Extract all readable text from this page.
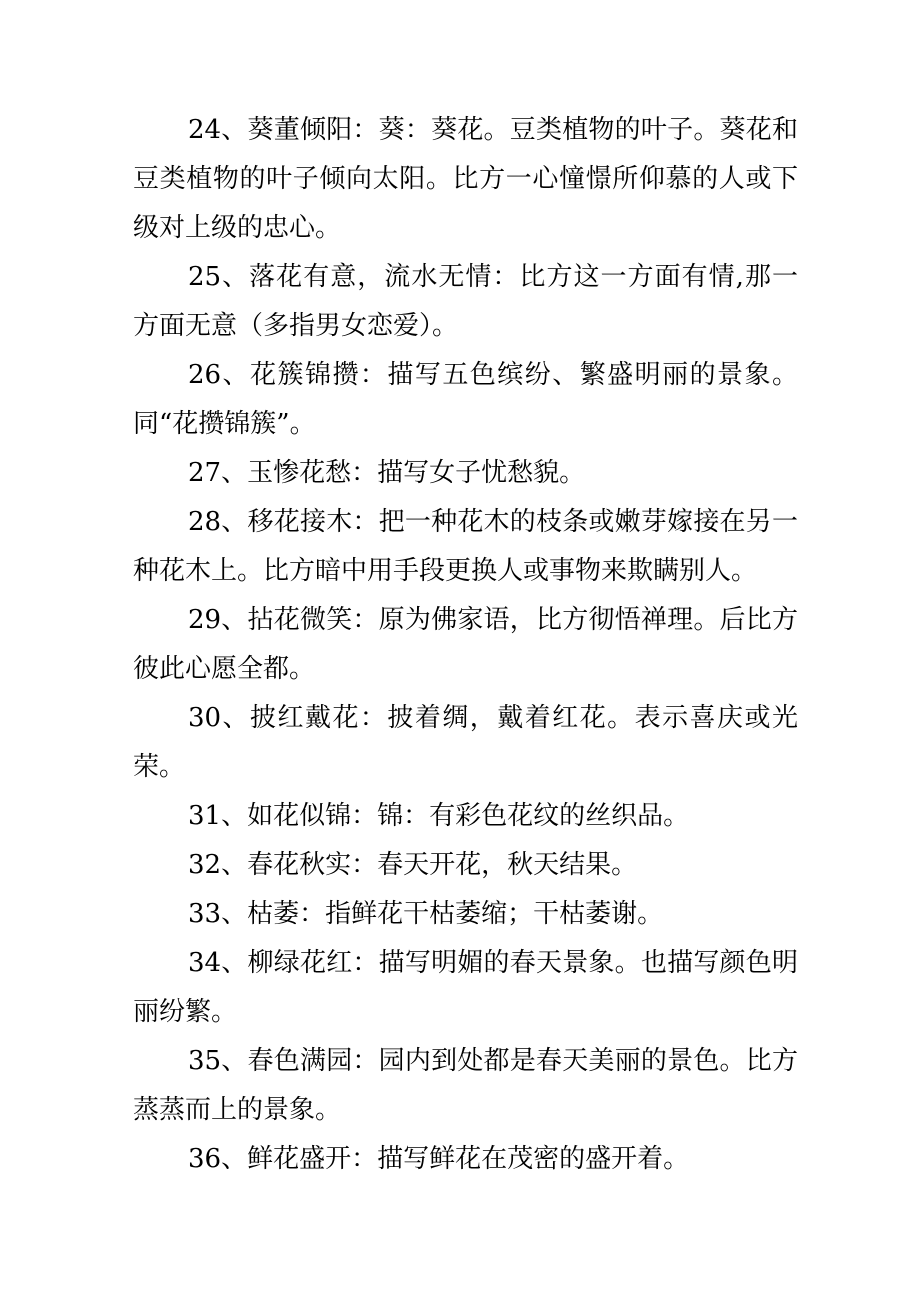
24、葵董倾阳：葵：葵花。豆类植物的叶子。葵花和豆类植物的叶子倾向太阳。比方一心憧憬所仰慕的人或下级对上级的忠心。

25、落花有意，流水无情：比方这一方面有情,那一方面无意（多指男女恋爱）。

26、花簇锦攒：描写五色缤纷、繁盛明丽的景象。同“花攒锦簇”。

27、玉惨花愁：描写女子忧愁貌。

28、移花接木：把一种花木的枝条或嫩芽嫁接在另一种花木上。比方暗中用手段更换人或事物来欺瞒别人。

29、拈花微笑：原为佛家语，比方彻悟禅理。后比方彼此心愿全都。

30、披红戴花：披着绸，戴着红花。表示喜庆或光荣。

31、如花似锦：锦：有彩色花纹的丝织品。

32、春花秋实：春天开花，秋天结果。

33、枯萎：指鲜花干枯萎缩；干枯萎谢。

34、柳绿花红：描写明媚的春天景象。也描写颜色明丽纷繁。

35、春色满园：园内到处都是春天美丽的景色。比方蒸蒸而上的景象。

36、鲜花盛开：描写鲜花在茂密的盛开着。
